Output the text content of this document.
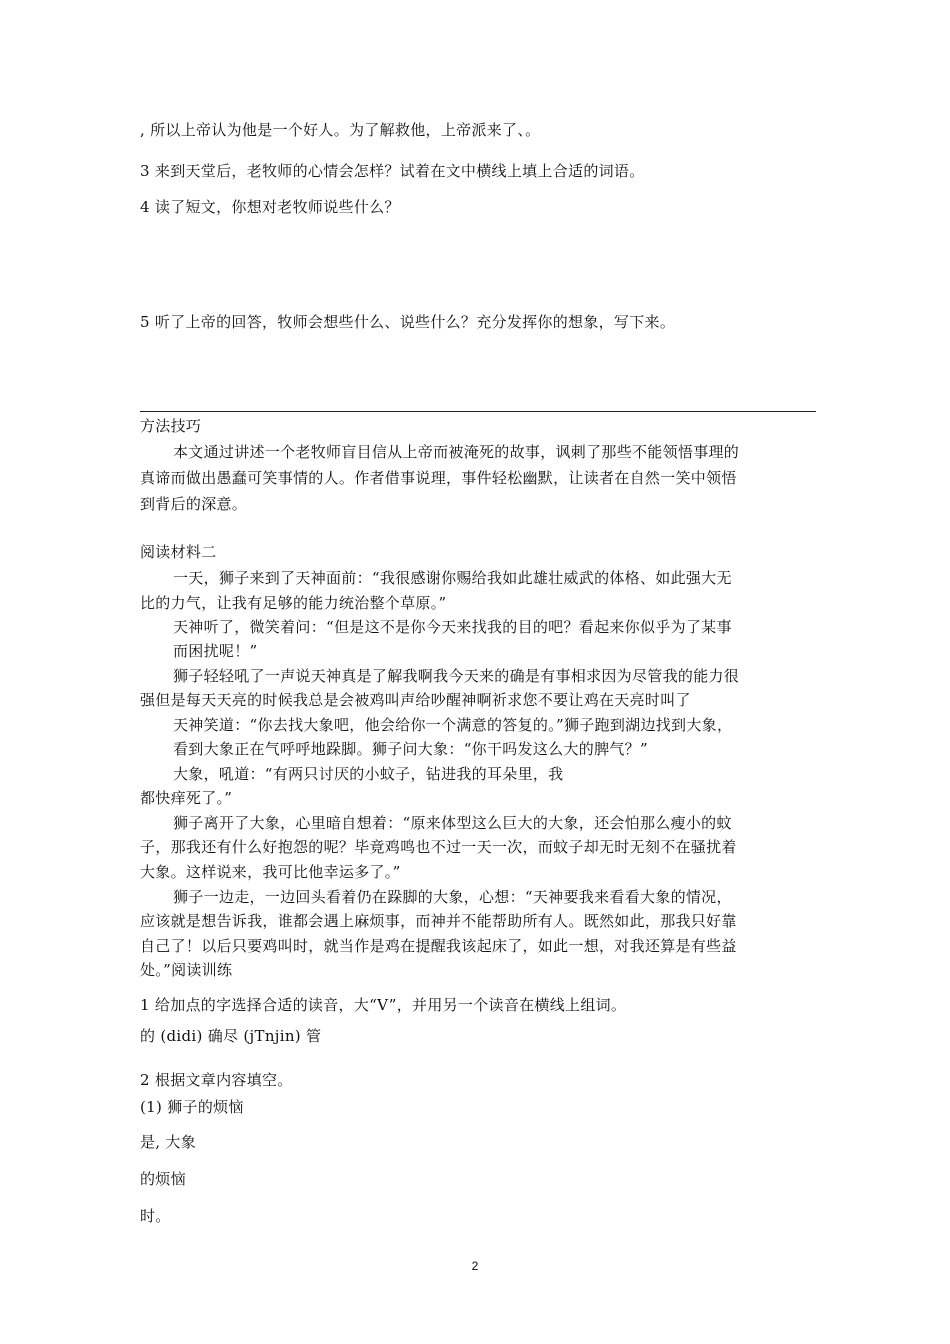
, 所以上帝认为他是一个好人。为了解救他，上帝派来了、。
3 来到天堂后，老牧师的心情会怎样？试着在文中横线上填上合适的词语。
4 读了短文，你想对老牧师说些什么？
5 听了上帝的回答，牧师会想些什么、说些什么？充分发挥你的想象，写下来。
方法技巧
本文通过讲述一个老牧师盲目信从上帝而被淹死的故事，讽刺了那些不能领悟事理的
真谛而做出愚蠢可笑事情的人。作者借事说理，事件轻松幽默，让读者在自然一笑中领悟
到背后的深意。
阅读材料二
一天，狮子来到了天神面前：“我很感谢你赐给我如此雄壮威武的体格、如此强大无
比的力气，让我有足够的能力统治整个草原。”
天神听了，微笑着问：“但是这不是你今天来找我的目的吧？看起来你似乎为了某事
而困扰呢！”
狮子轻轻吼了一声说天神真是了解我啊我今天来的确是有事相求因为尽管我的能力很
强但是每天天亮的时候我总是会被鸡叫声给吵醒神啊祈求您不要让鸡在天亮时叫了
天神笑道：“你去找大象吧，他会给你一个满意的答复的。”狮子跑到湖边找到大象，
看到大象正在气呼呼地跺脚。狮子问大象：“你干吗发这么大的脾气？”
大象，吼道：“有两只讨厌的小蚊子，钻进我的耳朵里，我
都快痒死了。”
狮子离开了大象，心里暗自想着：“原来体型这么巨大的大象，还会怕那么瘦小的蚊
子，那我还有什么好抱怨的呢？毕竟鸡鸣也不过一天一次，而蚊子却无时无刻不在骚扰着
大象。这样说来，我可比他幸运多了。”
狮子一边走，一边回头看着仍在跺脚的大象，心想：“天神要我来看看大象的情况，
应该就是想告诉我，谁都会遇上麻烦事，而神并不能帮助所有人。既然如此，那我只好靠
自己了！以后只要鸡叫时，就当作是鸡在提醒我该起床了，如此一想，对我还算是有些益
处。”阅读训练
1 给加点的字选择合适的读音，大“V”，并用另一个读音在横线上组词。
的 (didi) 确尽 (jTnjin) 管
2 根据文章内容填空。
(1) 狮子的烦恼
是, 大象
的烦恼
时。
2
